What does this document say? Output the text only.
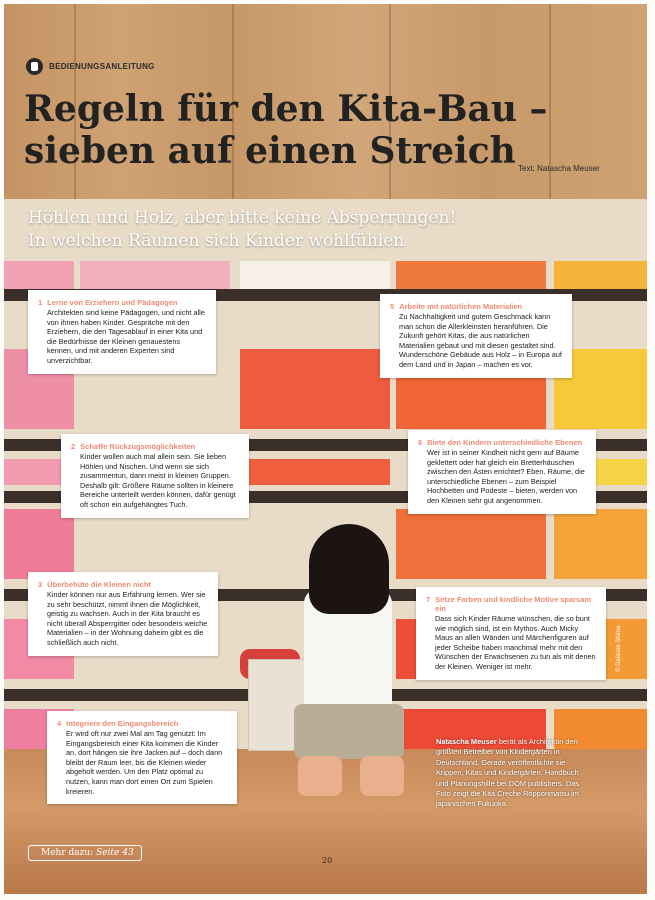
BEDIENUNGSANLEITUNG
Regeln für den Kita-Bau –
sieben auf einen Streich Text: Natascha Meuser
Höhlen und Holz, aber bitte keine Absperrungen!
In welchen Räumen sich Kinder wohlfühlen
1 Lerne von Erziehern und Pädagogen
Architekten sind keine Pädagogen, und nicht alle von ihnen haben Kinder. Gespräche mit den Erziehern, die den Tagesablauf in einer Kita und die Bedürfnisse der Kleinen genauestens kennen, und mit anderen Experten sind unverzichtbar.
2 Schaffe Rückzugsmöglichkeiten
Kinder wollen auch mal allein sein. Sie lieben Höhlen und Nischen. Und wenn sie sich zusammentun, dann meist in kleinen Gruppen. Deshalb gilt: Größere Räume sollten in kleinere Bereiche unterteilt werden können, dafür genügt oft schon ein aufgehängtes Tuch.
3 Überbehüte die Kleinen nicht
Kinder können nur aus Erfahrung lernen. Wer sie zu sehr beschützt, nimmt ihnen die Möglichkeit, geistig zu wachsen. Auch in der Kita braucht es nicht überall Absperrgitter oder besonders weiche Materialien – in der Wohnung daheim gibt es die schließlich auch nicht.
4 Integriere den Eingangsbereich
Er wird oft nur zwei Mal am Tag genutzt: Im Eingangsbereich einer Kita kommen die Kinder an, dort hängen sie ihre Jacken auf – doch dann bleibt der Raum leer, bis die Kleinen wieder abgeholt werden. Um den Platz optimal zu nutzen, kann man dort einen Ort zum Spielen kreieren.
5 Arbeite mit natürlichen Materialien
Zu Nachhaltigkeit und gutem Geschmack kann man schon die Allerkleinsten heranführen. Die Zukunft gehört Kitas, die aus natürlichen Materialien gebaut und mit diesen gestaltet sind. Wunderschöne Gebäude aus Holz – in Europa auf dem Land und in Japan – machen es vor.
6 Biete den Kindern unterschiedliche Ebenen
Wer ist in seiner Kindheit nicht gern auf Bäume geklettert oder hat gleich ein Bretterhäuschen zwischen den Ästen errichtet? Eben. Räume, die unterschiedliche Ebenen – zum Beispiel Hochbetten und Podeste – bieten, werden von den Kleinen sehr gut angenommen.
7 Setze Farben und kindliche Motive sparsam ein
Dass sich Kinder Räume wünschen, die so bunt wie möglich sind, ist ein Mythos. Auch Micky Maus an allen Wänden und Märchenfiguren auf jeder Scheibe haben manchmal mehr mit den Wünschen der Erwachsenen zu tun als mit denen der Kleinen. Weniger ist mehr.
Natascha Meuser berät als Architektin den größten Betreiber von Kindergärten in Deutschland. Gerade veröffentlichte sie Krippen, Kitas und Kindergärten. Handbuch und Planungshilfe bei DOM publishers. Das Foto zeigt die Kita Creche Ropponmatsu im japanischen Fukuoka.
© Daisuke Shima
Mehr dazu: Seite 43
20
